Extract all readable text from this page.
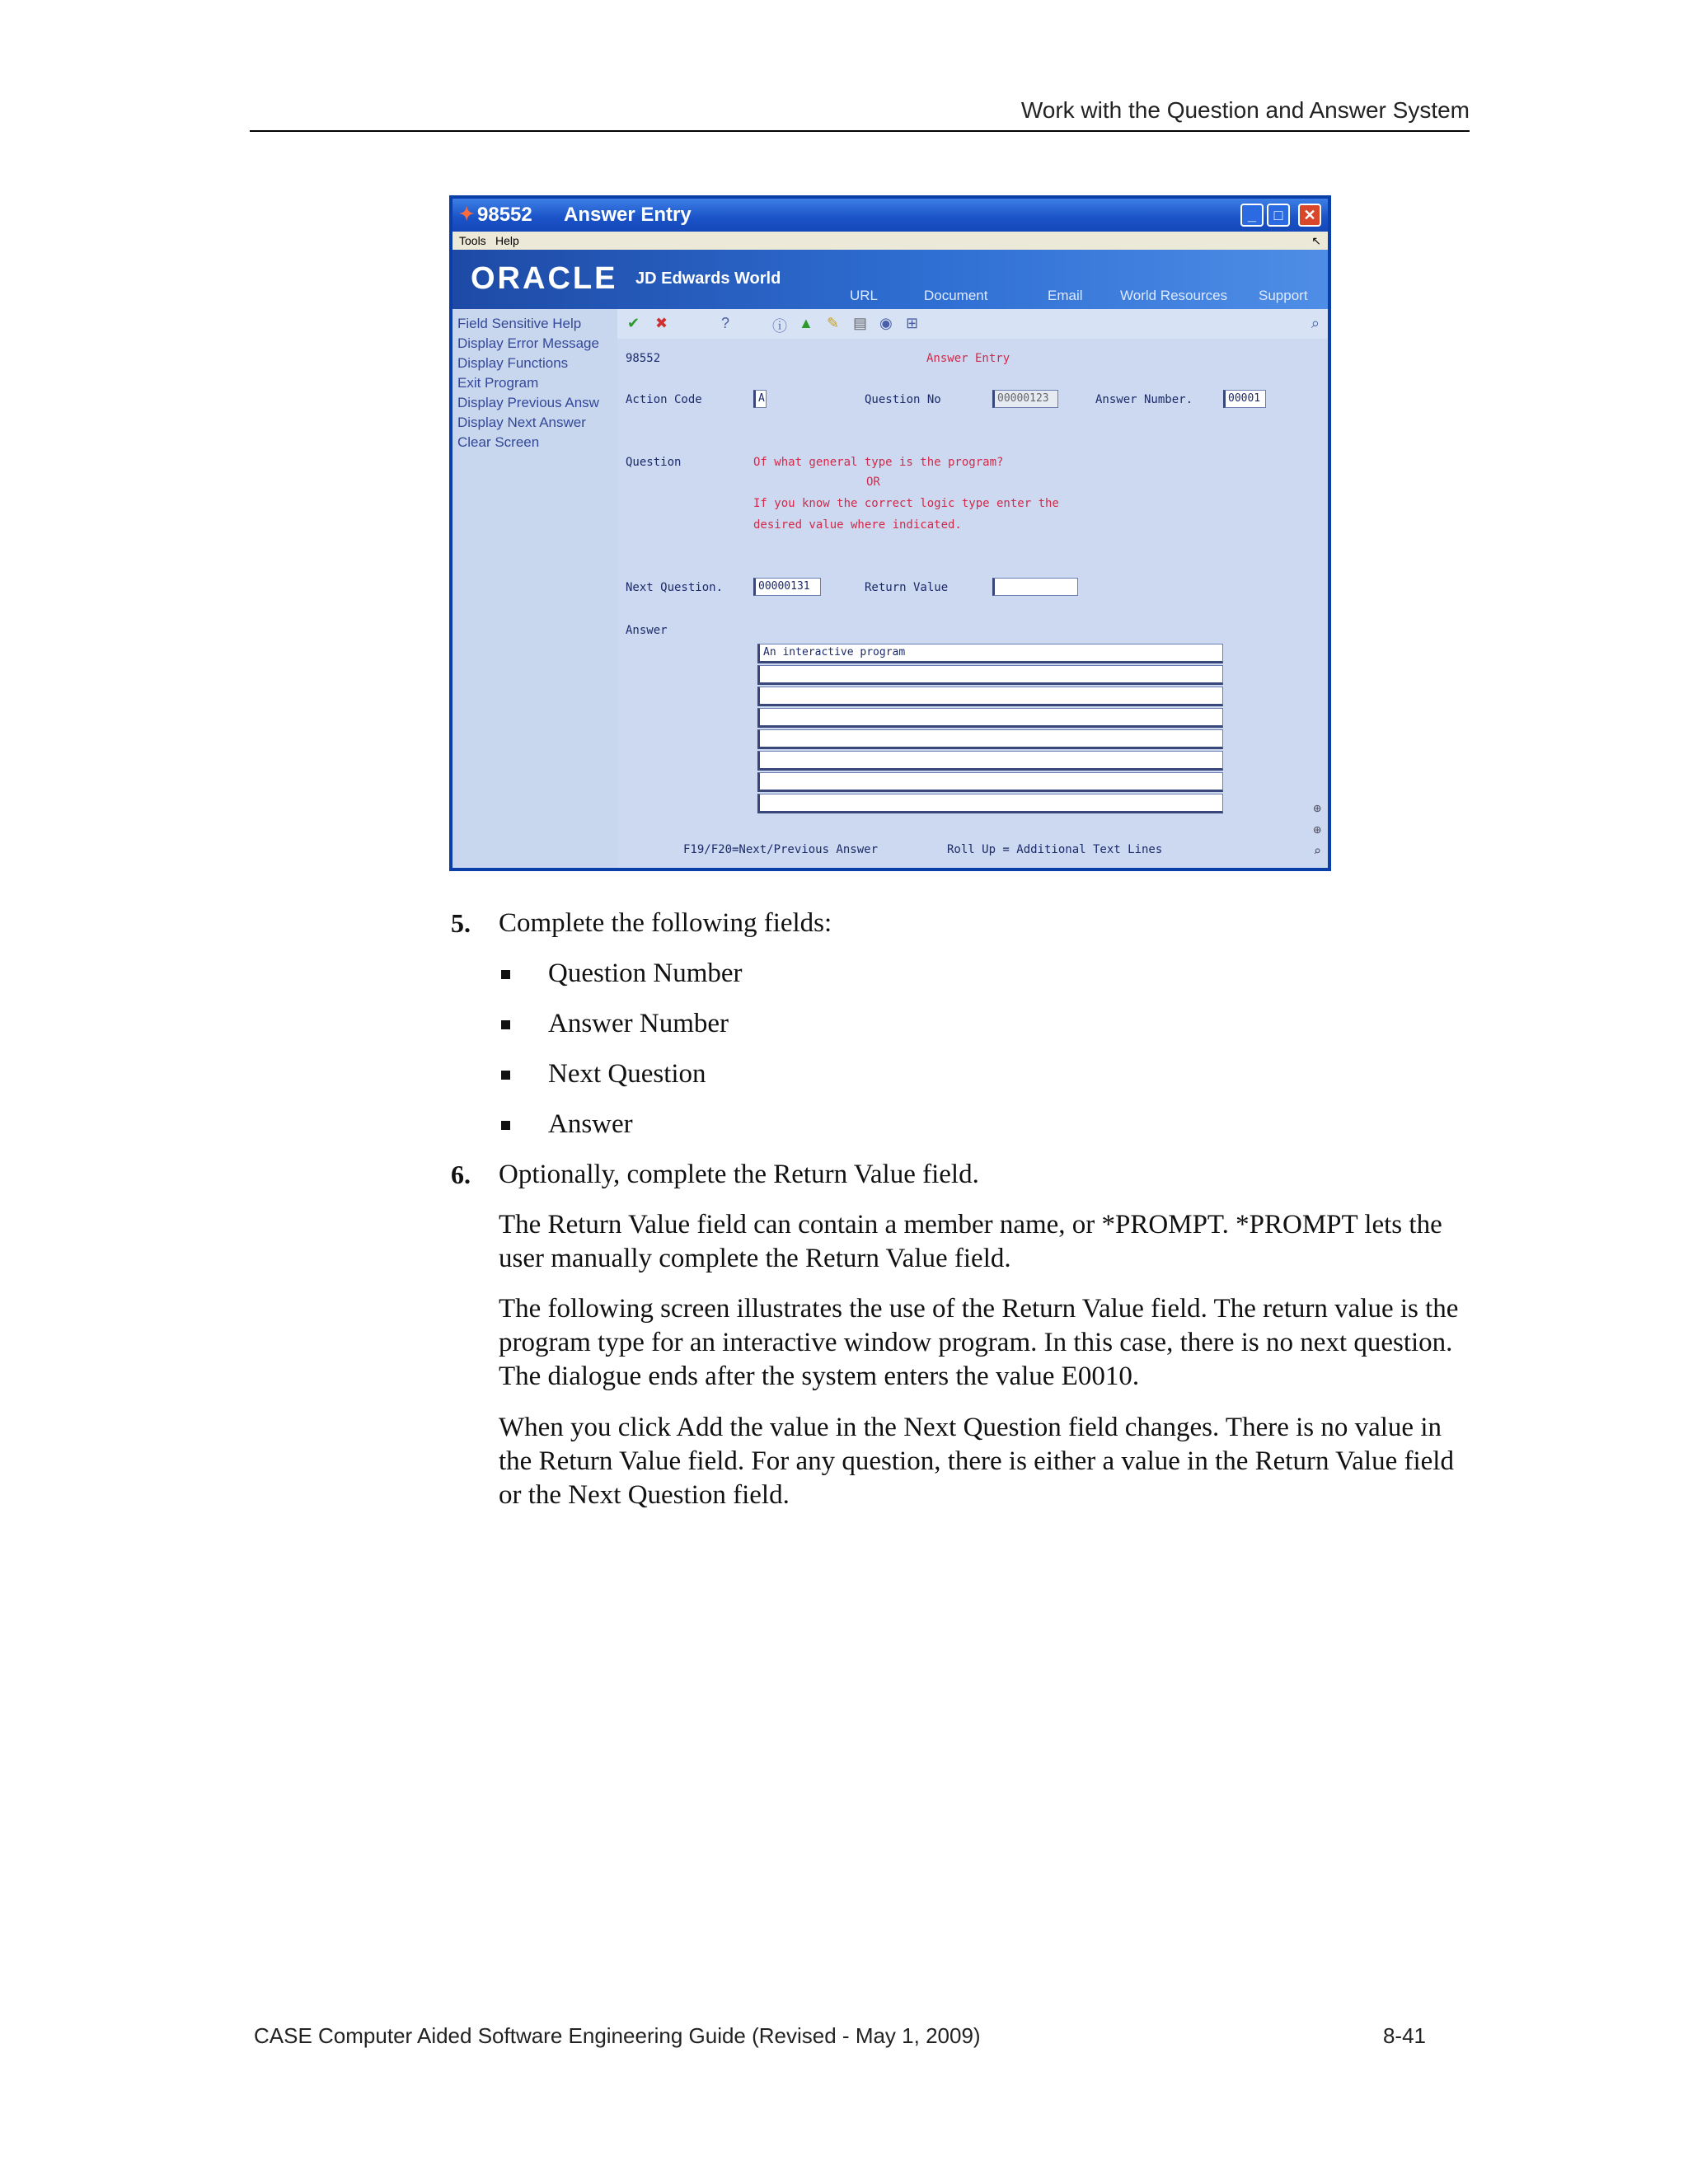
Work with the Question and Answer System
✦ 98552 Answer Entry	_	□	✕
Tools Help	↖
ORACLE JD Edwards World
URL	Document	Email	World Resources Support
Field Sensitive Help
Display Error Message
Display Functions
Exit Program
Display Previous Answ
Display Next Answer
Clear Screen
✔ ✖	?	ⓘ ▲ ✎ ▤ ◉ ⊞	⌕
98552	Answer Entry
Action Code	A	Question No	00000123	Answer Number.	00001
Question	Of what general type is the program?
OR
If you know the correct logic type enter the
desired value where indicated.
Next Question.	00000131	Return Value
Answer
An interactive program
F19/F20=Next/Previous Answer	Roll Up = Additional Text Lines
⊕
⊕
⌕
5. Complete the following fields:
Question Number
Answer Number
Next Question
Answer
6. Optionally, complete the Return Value field.
The Return Value field can contain a member name, or *PROMPT. *PROMPT lets the user manually complete the Return Value field.
The following screen illustrates the use of the Return Value field. The return value is the program type for an interactive window program. In this case, there is no next question. The dialogue ends after the system enters the value E0010.
When you click Add the value in the Next Question field changes. There is no value in the Return Value field. For any question, there is either a value in the Return Value field or the Next Question field.
CASE Computer Aided Software Engineering Guide (Revised - May 1, 2009)	8-41
